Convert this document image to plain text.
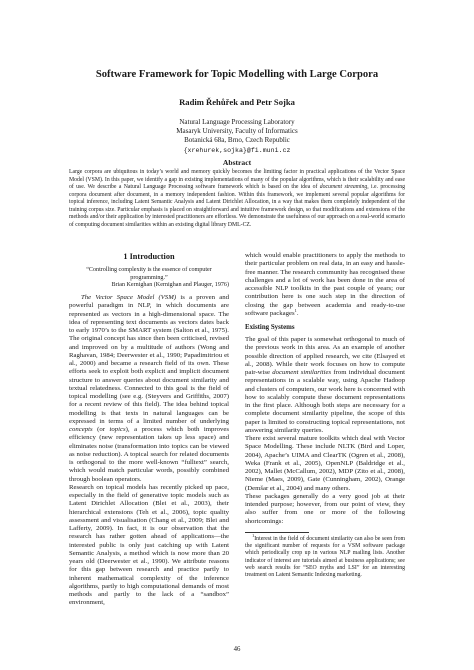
Software Framework for Topic Modelling with Large Corpora
Radim Řehůřek and Petr Sojka
Natural Language Processing Laboratory
Masaryk University, Faculty of Informatics
Botanická 68a, Brno, Czech Republic
{xrehurek,sojka}@fi.muni.cz
Abstract
Large corpora are ubiquitous in today’s world and memory quickly becomes the limiting factor in practical applications of the Vector Space Model (VSM). In this paper, we identify a gap in existing implementations of many of the popular algorithms, which is their scalability and ease of use. We describe a Natural Language Processing software framework which is based on the idea of document streaming, i.e. processing corpora document after document, in a memory independent fashion. Within this framework, we implement several popular algorithms for topical inference, including Latent Semantic Analysis and Latent Dirichlet Allocation, in a way that makes them completely independent of the training corpus size. Particular emphasis is placed on straightforward and intuitive framework design, so that modifications and extensions of the methods and/or their application by interested practitioners are effortless. We demonstrate the usefulness of our approach on a real-world scenario of computing document similarities within an existing digital library DML-CZ.
1 Introduction
“Controlling complexity is the essence of computer programming.”
Brian Kernighan (Kernighan and Plauger, 1976)

The Vector Space Model (VSM) is a proven and powerful paradigm in NLP, in which documents are represented as vectors in a high-dimensional space. The idea of representing text documents as vectors dates back to early 1970’s to the SMART system (Salton et al., 1975). The original concept has since then been criticised, revised and improved on by a multitude of authors (Wong and Raghavan, 1984; Deerwester et al., 1990; Papadimitriou et al., 2000) and became a research field of its own. These efforts seek to exploit both explicit and implicit document structure to answer queries about document similarity and textual relatedness. Connected to this goal is the field of topical modelling (see e.g. (Steyvers and Griffiths, 2007) for a recent review of this field). The idea behind topical modelling is that texts in natural languages can be expressed in terms of a limited number of underlying concepts (or topics), a process which both improves efficiency (new representation takes up less space) and eliminates noise (transformation into topics can be viewed as noise reduction). A topical search for related documents is orthogonal to the more well-known “fulltext” search, which would match particular words, possibly combined through boolean operators.

Research on topical models has recently picked up pace, especially in the field of generative topic models such as Latent Dirichlet Allocation (Blei et al., 2003), their hierarchical extensions (Teh et al., 2006), topic quality assessment and visualisation (Chang et al., 2009; Blei and Lafferty, 2009). In fact, it is our observation that the research has rather gotten ahead of applications—the interested public is only just catching up with Latent Semantic Analysis, a method which is now more than 20 years old (Deerwester et al., 1990). We attribute reasons for this gap between research and practice partly to inherent mathematical complexity of the inference algorithms, partly to high computational demands of most methods and partly to the lack of a “sandbox” environment,

which would enable practitioners to apply the methods to their particular problem on real data, in an easy and hassle-free manner. The research community has recognised these challenges and a lot of work has been done in the area of accessible NLP toolkits in the past couple of years; our contribution here is one such step in the direction of closing the gap between academia and ready-to-use software packages$^1$.

Existing Systems

The goal of this paper is somewhat orthogonal to much of the previous work in this area. As an example of another possible direction of applied research, we cite (Elsayed et al., 2008). While their work focuses on how to compute pair-wise document similarities from individual document representations in a scalable way, using Apache Hadoop and clusters of computers, our work here is concerned with how to scalably compute these document representations in the first place. Although both steps are necessary for a complete document similarity pipeline, the scope of this paper is limited to constructing topical representations, not answering similarity queries.

There exist several mature toolkits which deal with Vector Space Modelling. These include NLTK (Bird and Loper, 2004), Apache’s UIMA and ClearTK (Ogren et al., 2008), Weka (Frank et al., 2005), OpenNLP (Baldridge et al., 2002), Mallet (McCallum, 2002), MDP (Zito et al., 2008), Nieme (Maes, 2009), Gate (Cunningham, 2002), Orange (Demšar et al., 2004) and many others.

These packages generally do a very good job at their intended purpose; however, from our point of view, they also suffer from one or more of the following shortcomings:

$^1$Interest in the field of document similarity can also be seen from the significant number of requests for a VSM software package which periodically crop up in various NLP mailing lists. Another indicator of interest are tutorials aimed at business applications; see web search results for “SEO myths and LSI” for an interesting treatment on Latent Semantic Indexing marketing.

46
